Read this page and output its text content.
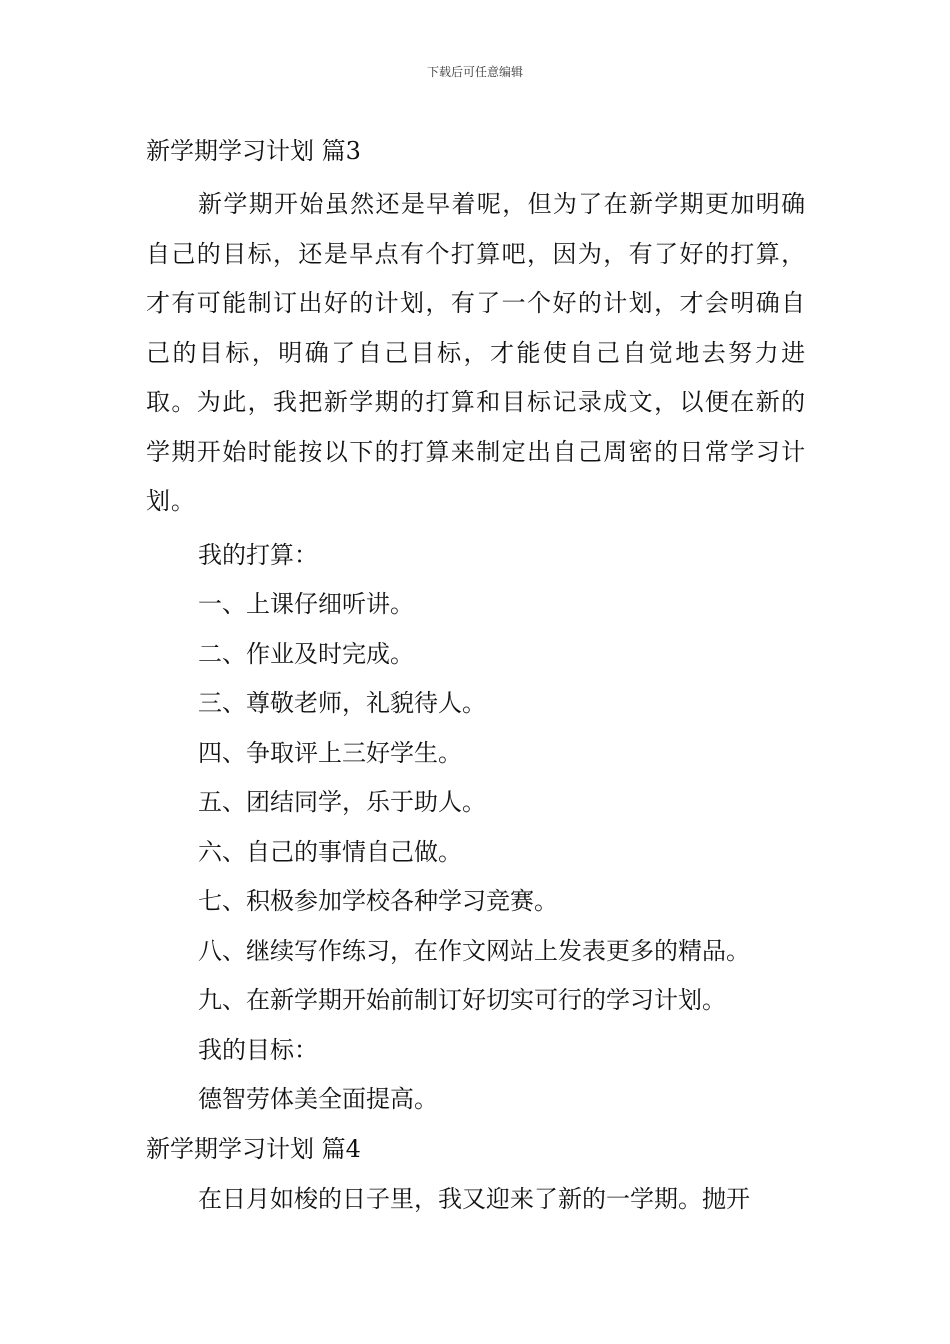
下载后可任意编辑
新学期学习计划 篇3

新学期开始虽然还是早着呢，但为了在新学期更加明确自己的目标，还是早点有个打算吧，因为，有了好的打算，才有可能制订出好的计划，有了一个好的计划，才会明确自己的目标，明确了自己目标，才能使自己自觉地去努力进取。为此，我把新学期的打算和目标记录成文，以便在新的学期开始时能按以下的打算来制定出自己周密的日常学习计划。

我的打算：
一、上课仔细听讲。
二、作业及时完成。
三、尊敬老师，礼貌待人。
四、争取评上三好学生。
五、团结同学，乐于助人。
六、自己的事情自己做。
七、积极参加学校各种学习竞赛。
八、继续写作练习，在作文网站上发表更多的精品。
九、在新学期开始前制订好切实可行的学习计划。
我的目标：
德智劳体美全面提高。
新学期学习计划 篇4
在日月如梭的日子里，我又迎来了新的一学期。抛开
